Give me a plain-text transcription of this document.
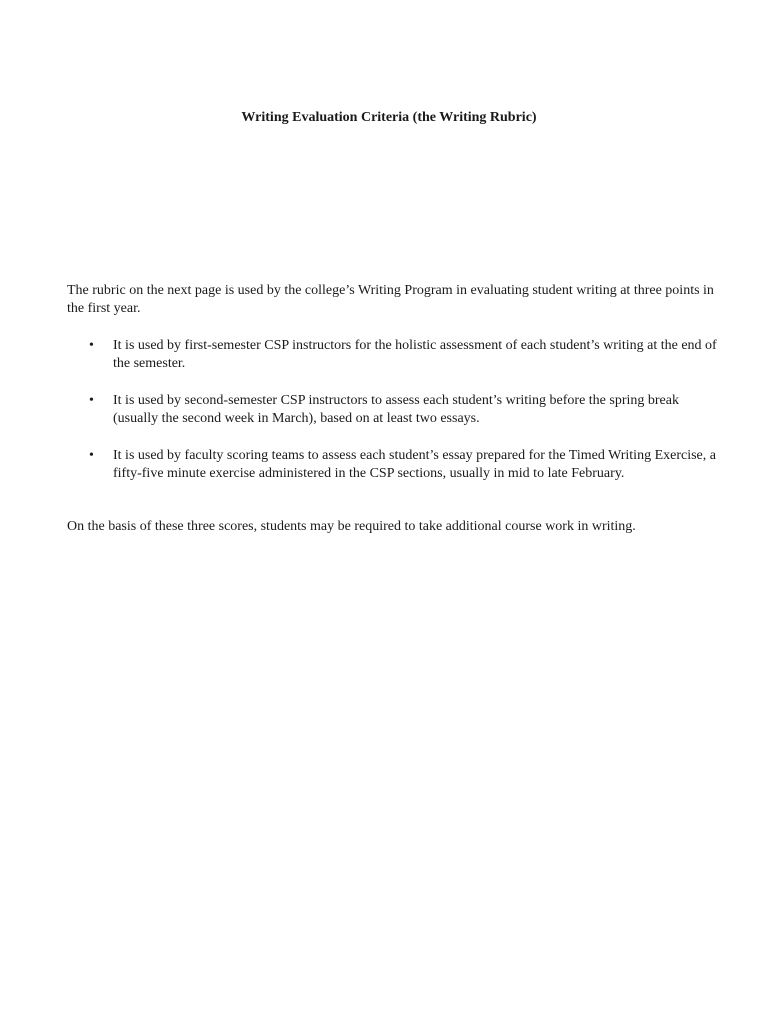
Writing Evaluation Criteria (the Writing Rubric)

The rubric on the next page is used by the college’s Writing Program in evaluating student writing at three points in the first year.

• It is used by first-semester CSP instructors for the holistic assessment of each student’s writing at the end of the semester.
• It is used by second-semester CSP instructors to assess each student’s writing before the spring break (usually the second week in March), based on at least two essays.
• It is used by faculty scoring teams to assess each student’s essay prepared for the Timed Writing Exercise, a fifty-five minute exercise administered in the CSP sections, usually in mid to late February.

On the basis of these three scores, students may be required to take additional course work in writing.
